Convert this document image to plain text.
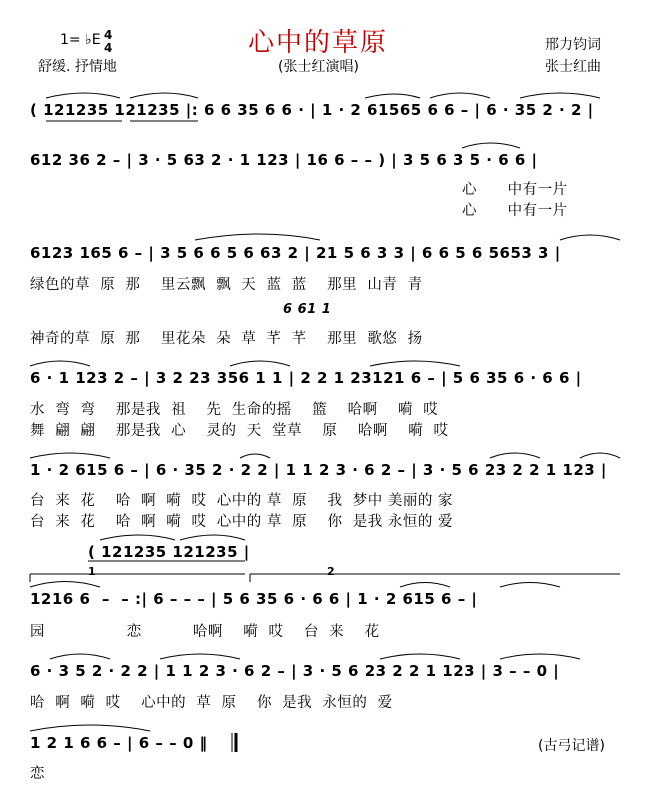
1= ♭E 4
4
舒缓. 抒情地
心中的草原
(张士红演唱)
邢力钧词
张士红曲
( 121235 121235 |: 6 6 35 6 6 · | 1 · 2 61565 6 6 – | 6 · 35 2 · 2 |
612 36 2 – | 3 · 5 63 2 · 1 123 | 16 6 – – ) | 3 5 6 3 5 · 6 6 |
心      中有一片
心      中有一片
6123 165 6 – | 3 5 6 6 5 6 63 2 | 21 5 6 3 3 | 6 6 5 6 5653 3 |
绿色的草  原  那    里云飘  飘  天  蓝  蓝    那里  山青  青
6 61 1
神奇的草  原  那    里花朵  朵  草  芊  芊    那里  歌悠  扬
6 · 1 123 2 – | 3 2 23 356 1 1 | 2 2 1 23121 6 – | 5 6 35 6 · 6 6 |
水  弯  弯    那是我  祖    先  生命的摇    篮    哈啊    嗬  哎
舞  翩  翩    那是我  心    灵的  天  堂草    原    哈啊    嗬  哎
1 · 2 615 6 – | 6 · 35 2 · 2 2 | 1 1 2 3 · 6 2 – | 3 · 5 6 23 2 2 1 123 |
台  来  花    哈  啊  嗬  哎  心中的 草  原    我  梦中 美丽的 家
台  来  花    哈  啊  嗬  哎  心中的 草  原    你  是我 永恒的 爱
( 121235 121235 |
1	2
1216 6  –  – :| 6 – – – | 5 6 35 6 · 6 6 | 1 · 2 615 6 – |
园                恋          哈啊    嗬  哎    台  来    花
6 · 3 5 2 · 2 2 | 1 1 2 3 · 6 2 – | 3 · 5 6 23 2 2 1 123 | 3 – – 0 |
哈  啊  嗬  哎    心中的  草  原    你  是我  永恒的  爱
1 2 1 6 6 – | 6 – – 0 ‖
恋
(古弓记谱)
